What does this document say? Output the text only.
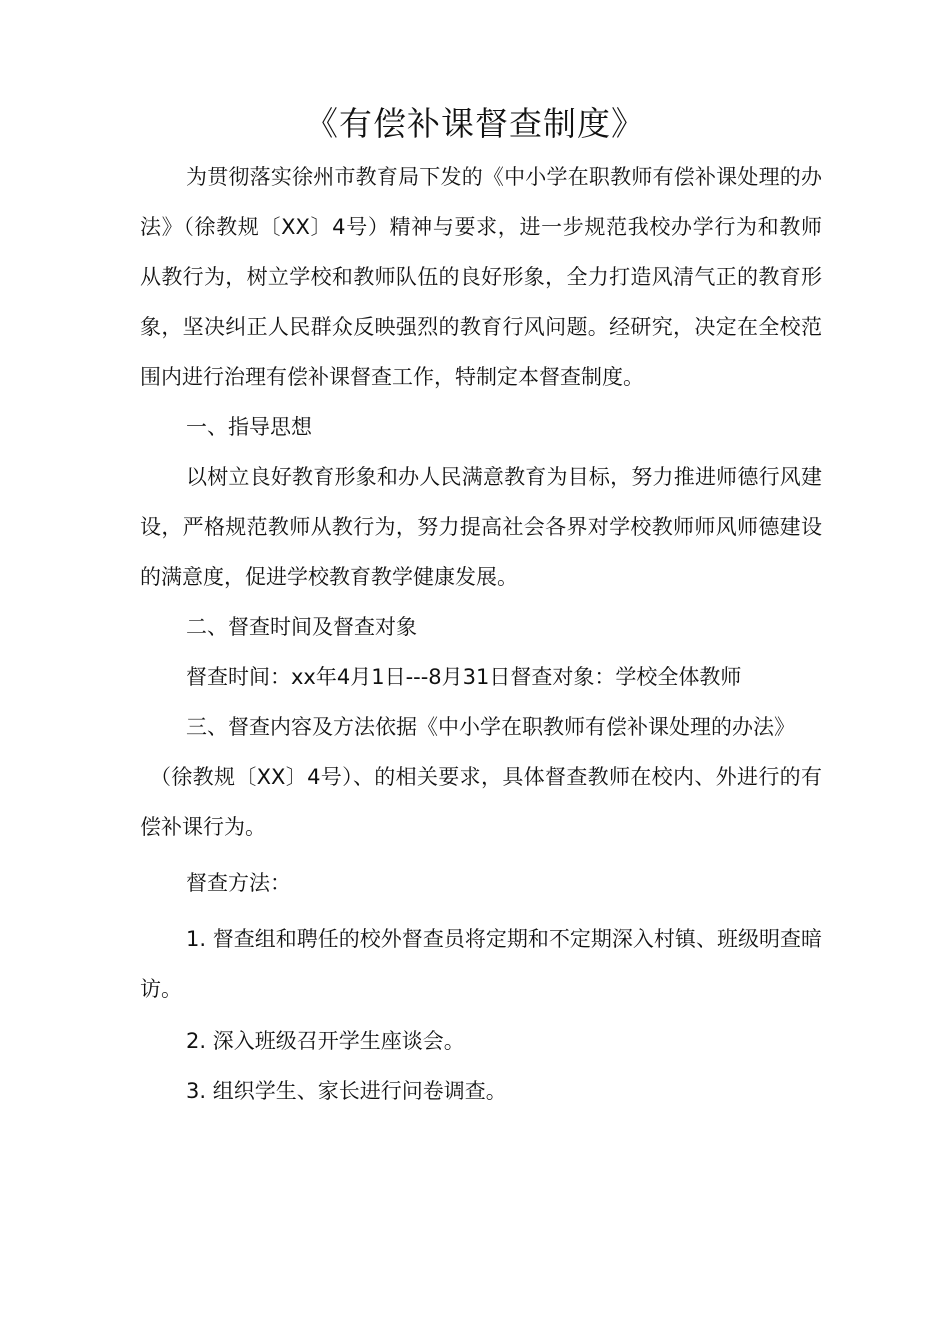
《有偿补课督查制度》

为贯彻落实徐州市教育局下发的《中小学在职教师有偿补课处理的办法》（徐教规〔XX〕4号）精神与要求，进一步规范我校办学行为和教师从教行为，树立学校和教师队伍的良好形象，全力打造风清气正的教育形象，坚决纠正人民群众反映强烈的教育行风问题。经研究，决定在全校范围内进行治理有偿补课督查工作，特制定本督查制度。

一、指导思想

以树立良好教育形象和办人民满意教育为目标，努力推进师德行风建设，严格规范教师从教行为，努力提高社会各界对学校教师师风师德建设的满意度，促进学校教育教学健康发展。

二、督查时间及督查对象

督查时间：xx年4月1日---8月31日督查对象：学校全体教师

三、督查内容及方法依据《中小学在职教师有偿补课处理的办法》

（徐教规〔XX〕4号）、的相关要求，具体督查教师在校内、外进行的有偿补课行为。

督查方法：

1. 督查组和聘任的校外督查员将定期和不定期深入村镇、班级明查暗访。

2. 深入班级召开学生座谈会。

3. 组织学生、家长进行问卷调查。
